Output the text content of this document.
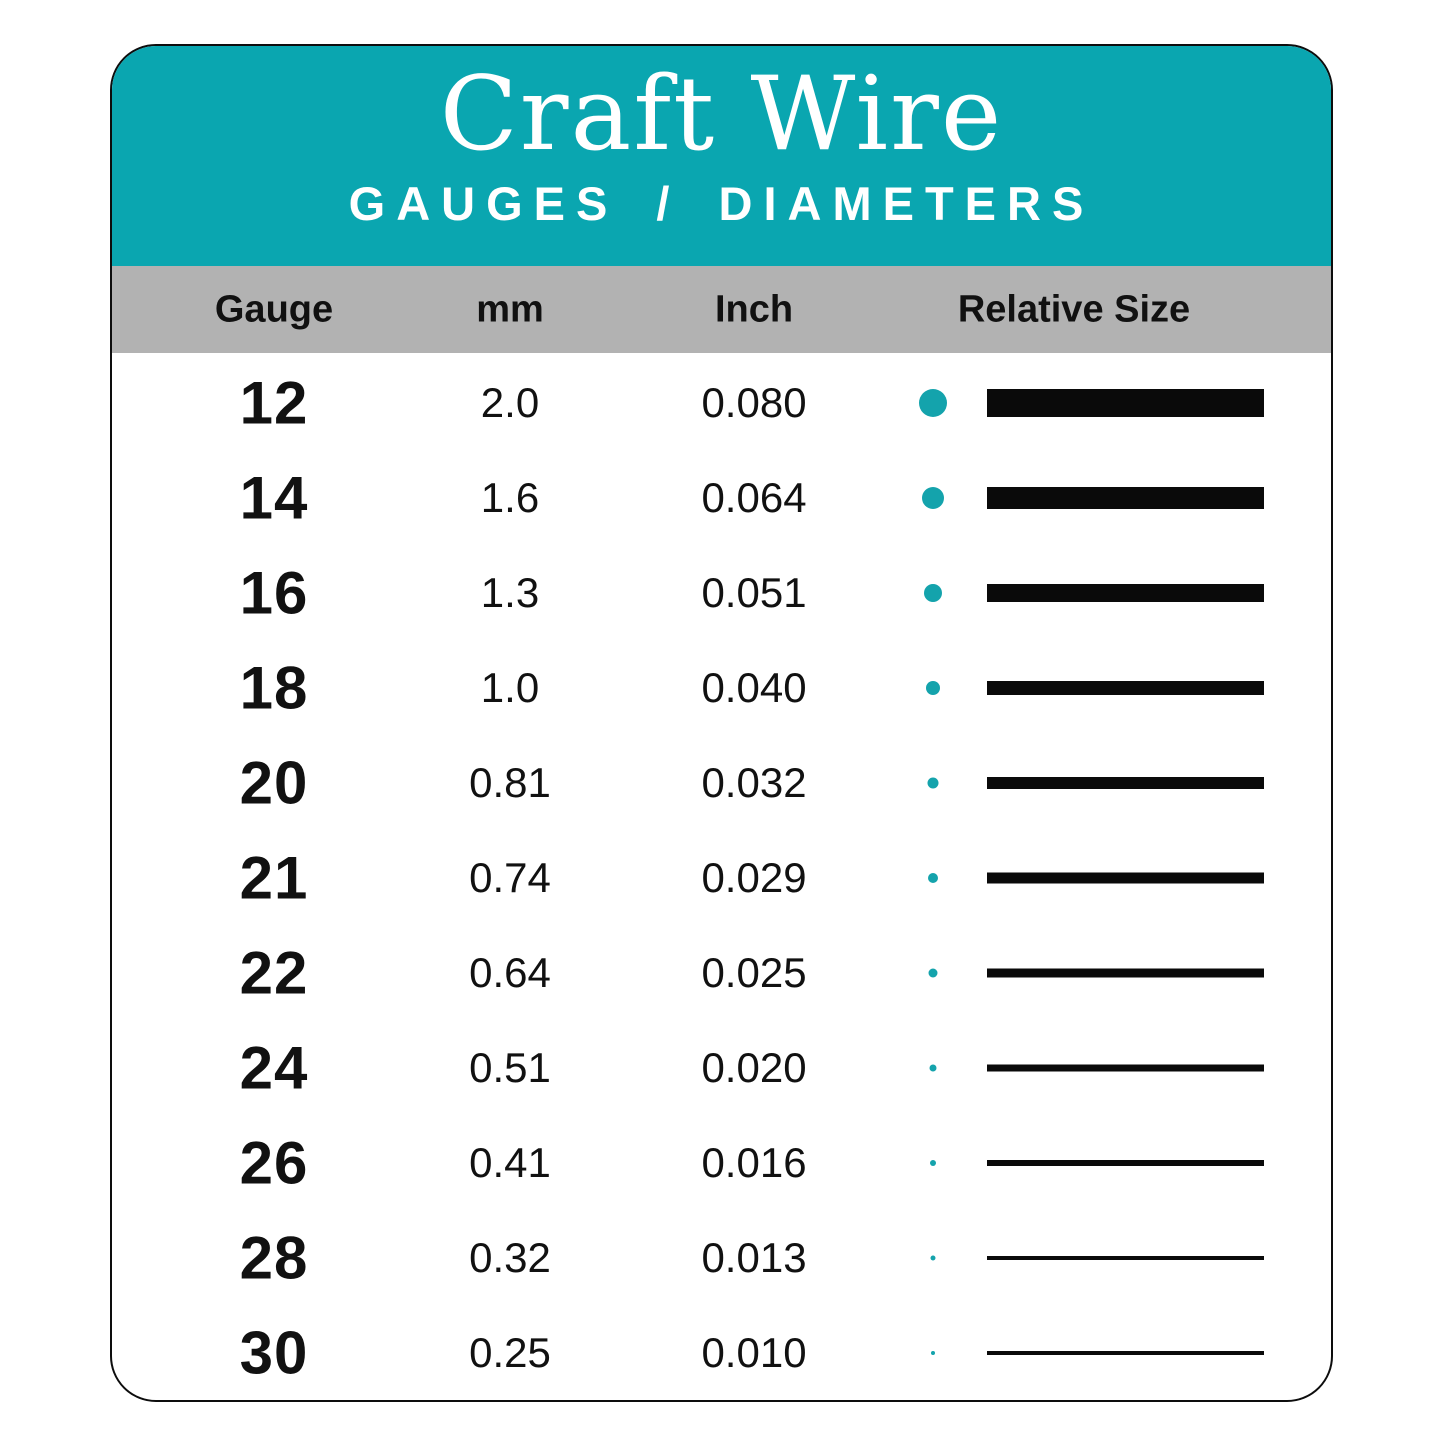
Craft Wire
GAUGES / DIAMETERS
Gauge	mm	Inch	Relative Size
12	2.0	0.080
14	1.6	0.064
16	1.3	0.051
18	1.0	0.040
20	0.81	0.032
21	0.74	0.029
22	0.64	0.025
24	0.51	0.020
26	0.41	0.016
28	0.32	0.013
30	0.25	0.010
